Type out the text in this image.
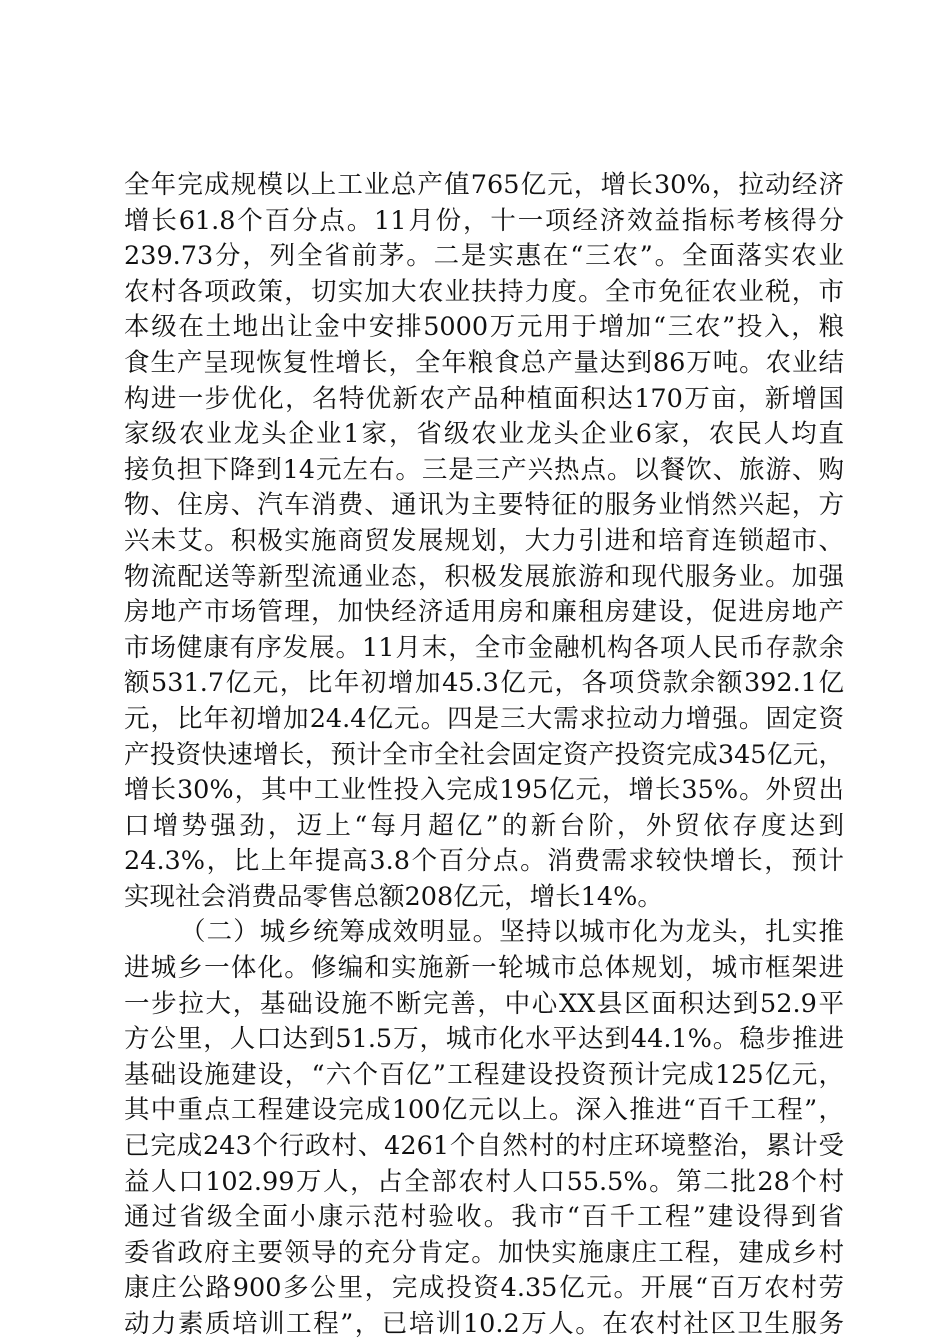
全年完成规模以上工业总产值765亿元，增长30%，拉动经济
增长61.8个百分点。11月份，十一项经济效益指标考核得分
239.73分，列全省前茅。二是实惠在“三农”。全面落实农业
农村各项政策，切实加大农业扶持力度。全市免征农业税，市
本级在土地出让金中安排5000万元用于增加“三农”投入，粮
食生产呈现恢复性增长，全年粮食总产量达到86万吨。农业结
构进一步优化，名特优新农产品种植面积达170万亩，新增国
家级农业龙头企业1家，省级农业龙头企业6家，农民人均直
接负担下降到14元左右。三是三产兴热点。以餐饮、旅游、购
物、住房、汽车消费、通讯为主要特征的服务业悄然兴起，方
兴未艾。积极实施商贸发展规划，大力引进和培育连锁超市、
物流配送等新型流通业态，积极发展旅游和现代服务业。加强
房地产市场管理，加快经济适用房和廉租房建设，促进房地产
市场健康有序发展。11月末，全市金融机构各项人民币存款余
额531.7亿元，比年初增加45.3亿元，各项贷款余额392.1亿
元，比年初增加24.4亿元。四是三大需求拉动力增强。固定资
产投资快速增长，预计全市全社会固定资产投资完成345亿元，
增长30%，其中工业性投入完成195亿元，增长35%。外贸出
口增势强劲，迈上“每月超亿”的新台阶，外贸依存度达到
24.3%，比上年提高3.8个百分点。消费需求较快增长，预计
实现社会消费品零售总额208亿元，增长14%。
（二）城乡统筹成效明显。坚持以城市化为龙头，扎实推
进城乡一体化。修编和实施新一轮城市总体规划，城市框架进
一步拉大，基础设施不断完善，中心XX县区面积达到52.9平
方公里，人口达到51.5万，城市化水平达到44.1%。稳步推进
基础设施建设，“六个百亿”工程建设投资预计完成125亿元，
其中重点工程建设完成100亿元以上。深入推进“百千工程”，
已完成243个行政村、4261个自然村的村庄环境整治，累计受
益人口102.99万人，占全部农村人口55.5%。第二批28个村
通过省级全面小康示范村验收。我市“百千工程”建设得到省
委省政府主要领导的充分肯定。加快实施康庄工程，建成乡村
康庄公路900多公里，完成投资4.35亿元。开展“百万农村劳
动力素质培训工程”，已培训10.2万人。在农村社区卫生服务
